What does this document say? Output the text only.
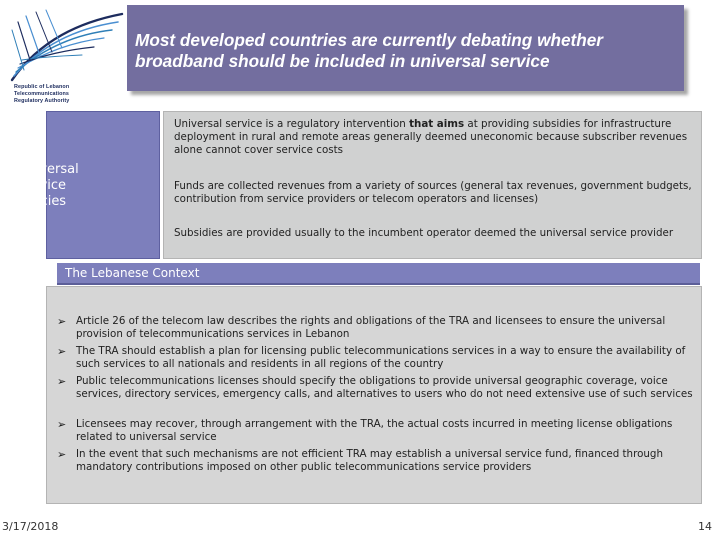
Republic of Lebanon
Telecommunications
Regulatory Authority
Most developed countries are currently debating whether
broadband should be included in universal service
Universal
Service
Policies
Universal service is a regulatory intervention that aims at providing subsidies for infrastructure deployment in rural and remote areas generally deemed uneconomic because subscriber revenues alone cannot cover service costs
Funds are collected revenues from a variety of sources (general tax revenues, government budgets, contribution from service providers or telecom operators and licenses)
Subsidies are provided usually to the incumbent operator deemed the universal service provider
The Lebanese Context
➢ Article 26 of the telecom law describes the rights and obligations of the TRA and licensees to ensure the universal provision of telecommunications services in Lebanon
➢ The TRA should establish a plan for licensing public telecommunications services in a way to ensure the availability of such services to all nationals and residents in all regions of the country
➢ Public telecommunications licenses should specify the obligations to provide universal geographic coverage, voice services, directory services, emergency calls, and alternatives to users who do not need extensive use of such services
➢ Licensees may recover, through arrangement with the TRA, the actual costs incurred in meeting license obligations related to universal service
➢ In the event that such mechanisms are not efficient TRA may establish a universal service fund, financed through mandatory contributions imposed on other public telecommunications service providers
3/17/2018	14
